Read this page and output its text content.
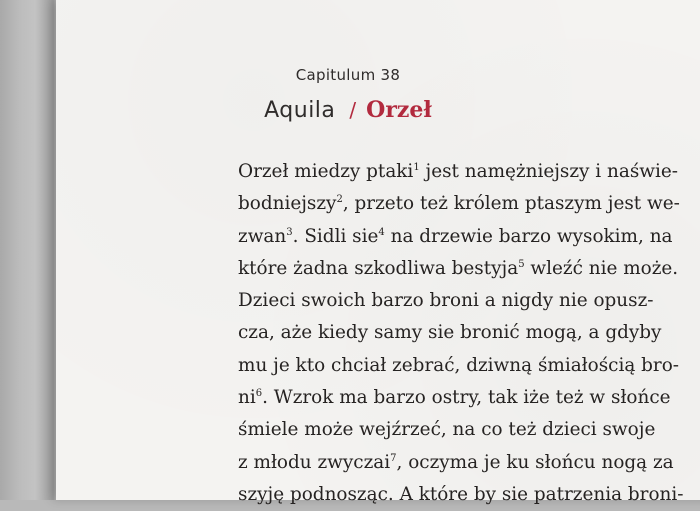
Capitulum 38
Aquila / Orzeł
Orzeł miedzy ptaki$^1$ jest namężniejszy i naświe-
bodniejszy$^2$, przeto też królem ptaszym jest we-
zwan$^3$. Sidli sie$^4$ na drzewie barzo wysokim, na
które żadna szkodliwa bestyja$^5$ wleźć nie może.
Dzieci swoich barzo broni a nigdy nie opusz-
cza, aże kiedy samy sie bronić mogą, a gdyby
mu je kto chciał zebrać, dziwną śmiałością bro-
$ni^6$. Wzrok ma barzo ostry, tak iże też w słońce
śmiele może wejźrzeć, na co też dzieci swoje
z młodu zwyczai$^7$, oczyma je ku słońcu nogą za
szyję podnosząc. A które by sie patrzenia broni-
